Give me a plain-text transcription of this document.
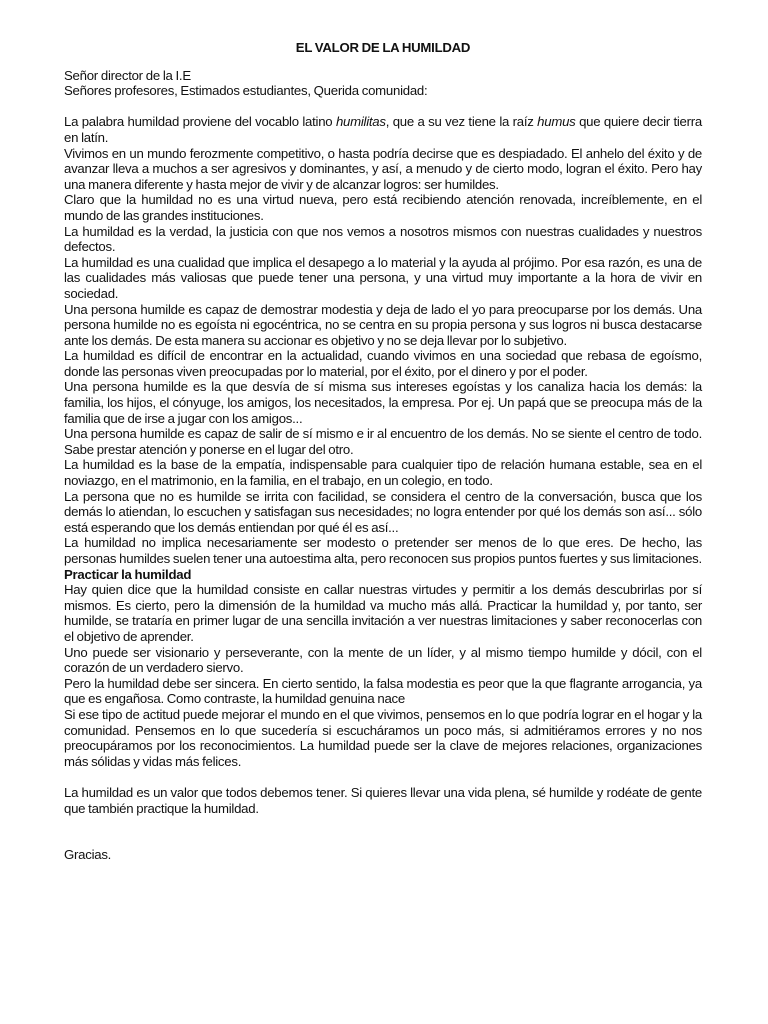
EL VALOR DE LA HUMILDAD

Señor director de la I.E

Señores profesores, Estimados estudiantes, Querida comunidad:

La palabra humildad proviene del vocablo latino humilitas, que a su vez tiene la raíz humus que quiere decir tierra en latín.

Vivimos en un mundo ferozmente competitivo, o hasta podría decirse que es despiadado. El anhelo del éxito y de avanzar lleva a muchos a ser agresivos y dominantes, y así, a menudo y de cierto modo, logran el éxito. Pero hay una manera diferente y hasta mejor de vivir y de alcanzar logros: ser humildes.

Claro que la humildad no es una virtud nueva, pero está recibiendo atención renovada, increíblemente, en el mundo de las grandes instituciones.

La humildad es la verdad, la justicia con que nos vemos a nosotros mismos con nuestras cualidades y nuestros defectos.

La humildad es una cualidad que implica el desapego a lo material y la ayuda al prójimo. Por esa razón, es una de las cualidades más valiosas que puede tener una persona, y una virtud muy importante a la hora de vivir en sociedad.

Una persona humilde es capaz de demostrar modestia y deja de lado el yo para preocuparse por los demás. Una persona humilde no es egoísta ni egocéntrica, no se centra en su propia persona y sus logros ni busca destacarse ante los demás. De esta manera su accionar es objetivo y no se deja llevar por lo subjetivo.

La humildad es difícil de encontrar en la actualidad, cuando vivimos en una sociedad que rebasa de egoísmo, donde las personas viven preocupadas por lo material, por el éxito, por el dinero y por el poder.

Una persona humilde es la que desvía de sí misma sus intereses egoístas y los canaliza hacia los demás: la familia, los hijos, el cónyuge, los amigos, los necesitados, la empresa. Por ej. Un papá que se preocupa más de la familia que de irse a jugar con los amigos...

Una persona humilde es capaz de salir de sí mismo e ir al encuentro de los demás. No se siente el centro de todo. Sabe prestar atención y ponerse en el lugar del otro.

La humildad es la base de la empatía, indispensable para cualquier tipo de relación humana estable, sea en el noviazgo, en el matrimonio, en la familia, en el trabajo, en un colegio, en todo.

La persona que no es humilde se irrita con facilidad, se considera el centro de la conversación, busca que los demás lo atiendan, lo escuchen y satisfagan sus necesidades; no logra entender por qué los demás son así... sólo está esperando que los demás entiendan por qué él es así...

La humildad no implica necesariamente ser modesto o pretender ser menos de lo que eres. De hecho, las personas humildes suelen tener una autoestima alta, pero reconocen sus propios puntos fuertes y sus limitaciones.

Practicar la humildad

Hay quien dice que la humildad consiste en callar nuestras virtudes y permitir a los demás descubrirlas por sí mismos. Es cierto, pero la dimensión de la humildad va mucho más allá. Practicar la humildad y, por tanto, ser humilde, se trataría en primer lugar de una sencilla invitación a ver nuestras limitaciones y saber reconocerlas con el objetivo de aprender.

Uno puede ser visionario y perseverante, con la mente de un líder, y al mismo tiempo humilde y dócil, con el corazón de un verdadero siervo.

Pero la humildad debe ser sincera. En cierto sentido, la falsa modestia es peor que la que flagrante arrogancia, ya que es engañosa. Como contraste, la humildad genuina nace

Si ese tipo de actitud puede mejorar el mundo en el que vivimos, pensemos en lo que podría lograr en el hogar y la comunidad. Pensemos en lo que sucedería si escucháramos un poco más, si admitiéramos errores y no nos preocupáramos por los reconocimientos. La humildad puede ser la clave de mejores relaciones, organizaciones más sólidas y vidas más felices.

La humildad es un valor que todos debemos tener. Si quieres llevar una vida plena, sé humilde y rodéate de gente que también practique la humildad.

Gracias.
